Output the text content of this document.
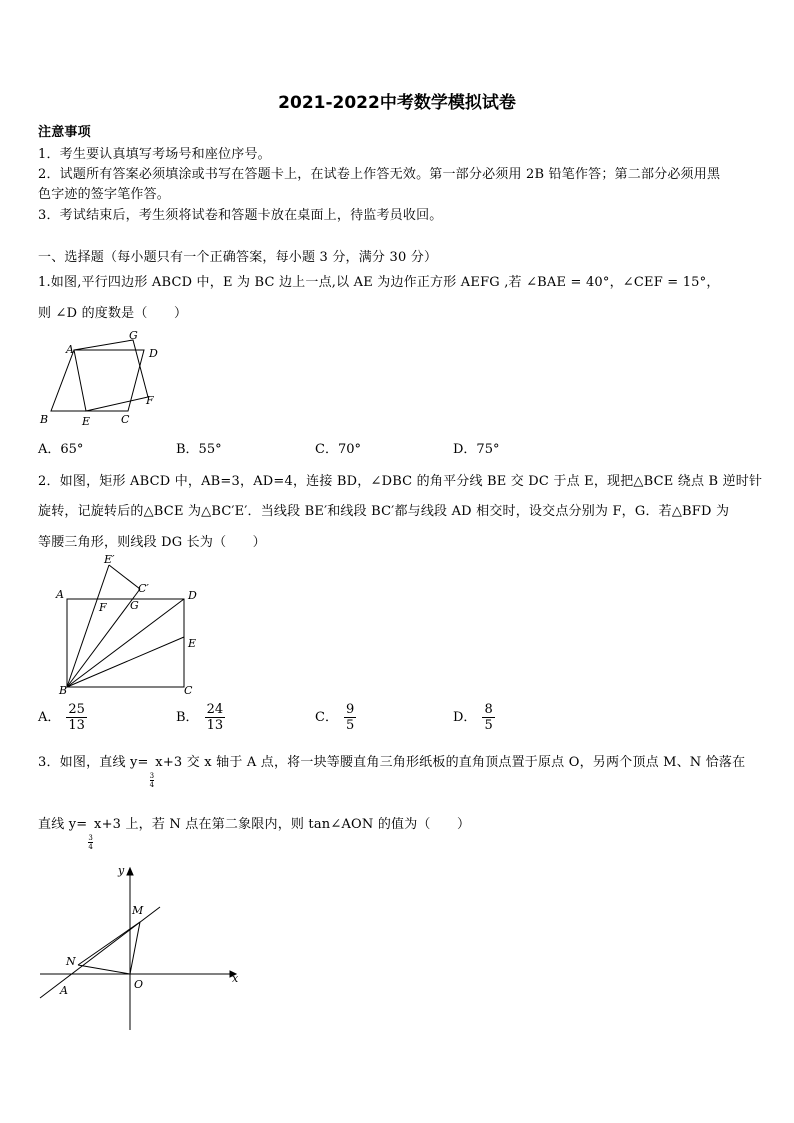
2021-2022中考数学模拟试卷
注意事项
1．考生要认真填写考场号和座位序号。
2．试题所有答案必须填涂或书写在答题卡上，在试卷上作答无效。第一部分必须用 2B 铅笔作答；第二部分必须用黑
色字迹的签字笔作答。
3．考试结束后，考生须将试卷和答题卡放在桌面上，待监考员收回。
一、选择题（每小题只有一个正确答案，每小题 3 分，满分 30 分）
1.如图,平行四边形 ABCD 中，E 为 BC 边上一点,以 AE 为边作正方形 AEFG ,若 ∠BAE = 40°，∠CEF = 15°，
则 ∠D 的度数是（　　）
A
G
D
F
B	E	C
A．65°	B．55°	C．70°	D．75°
2．如图，矩形 ABCD 中，AB=3，AD=4，连接 BD，∠DBC 的角平分线 BE 交 DC 于点 E，现把△BCE 绕点 B 逆时针
旋转，记旋转后的△BCE 为△BC′E′．当线段 BE′和线段 BC′都与线段 AD 相交时，设交点分别为 F，G．若△BFD 为
等腰三角形，则线段 DG 长为（　　）
E′
C′
A	D
F G
E
B	C
A． $\frac{25}{13}$	B． $\frac{24}{13}$	C． $\frac{9}{5}$	D． $\frac{8}{5}$
3．如图，直线 y=
$\frac{3}{4}$
x+3 交 x 轴于 A 点，将一块等腰直角三角形纸板的直角顶点置于原点 O，另两个顶点 M、N 恰落在
直线 y=
$\frac{3}{4}$
x+3 上，若 N 点在第二象限内，则 tan∠AON 的值为（　　）
y
x
M
N
A	O
